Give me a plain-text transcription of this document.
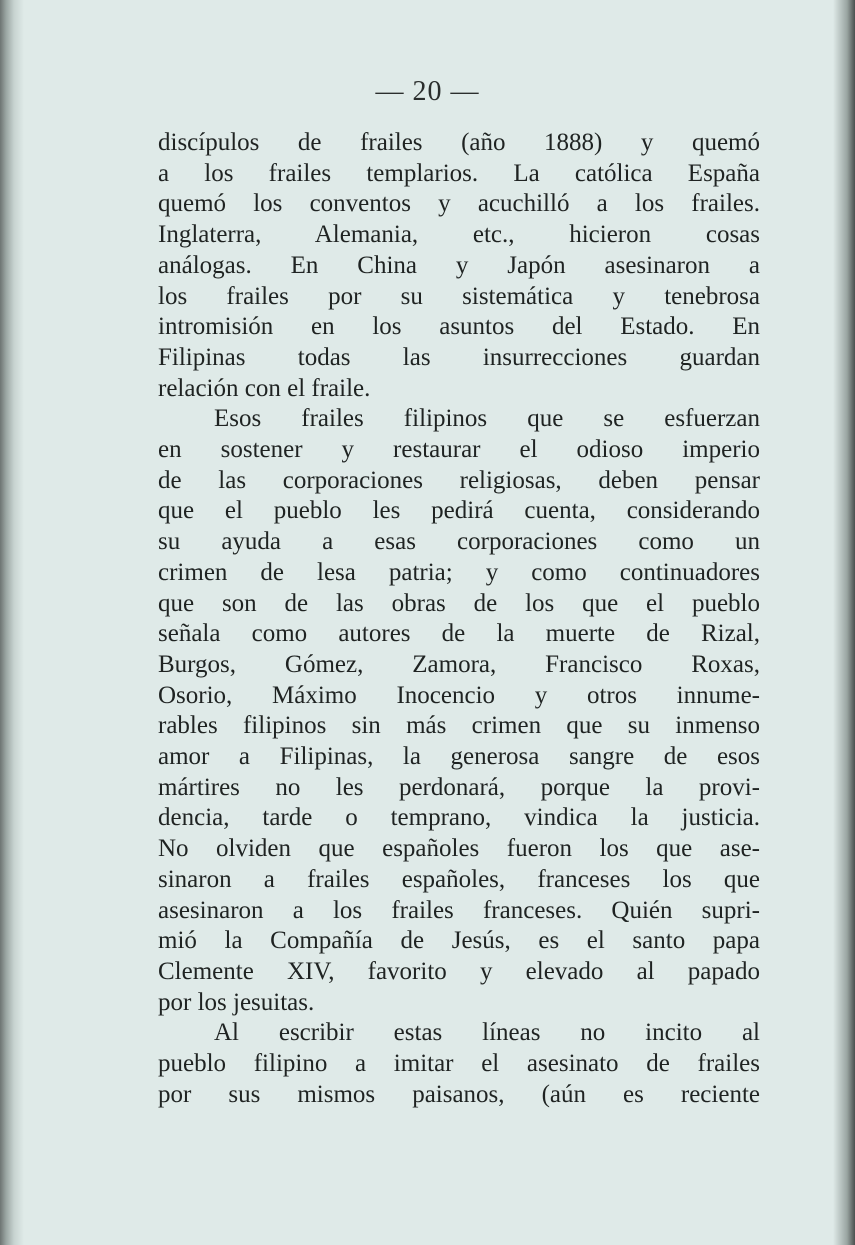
— 20 —
discípulos de frailes (año 1888) y quemó
a los frailes templarios. La católica España
quemó los conventos y acuchilló a los frailes.
Inglaterra, Alemania, etc., hicieron cosas
análogas. En China y Japón asesinaron a
los frailes por su sistemática y tenebrosa
intromisión en los asuntos del Estado. En
Filipinas todas las insurrecciones guardan
relación con el fraile.
Esos frailes filipinos que se esfuerzan
en sostener y restaurar el odioso imperio
de las corporaciones religiosas, deben pensar
que el pueblo les pedirá cuenta, considerando
su ayuda a esas corporaciones como un
crimen de lesa patria; y como continuadores
que son de las obras de los que el pueblo
señala como autores de la muerte de Rizal,
Burgos, Gómez, Zamora, Francisco Roxas,
Osorio, Máximo Inocencio y otros innume-
rables filipinos sin más crimen que su inmenso
amor a Filipinas, la generosa sangre de esos
mártires no les perdonará, porque la provi-
dencia, tarde o temprano, vindica la justicia.
No olviden que españoles fueron los que ase-
sinaron a frailes españoles, franceses los que
asesinaron a los frailes franceses. Quién supri-
mió la Compañía de Jesús, es el santo papa
Clemente XIV, favorito y elevado al papado
por los jesuitas.
Al escribir estas líneas no incito al
pueblo filipino a imitar el asesinato de frailes
por sus mismos paisanos, (aún es reciente
